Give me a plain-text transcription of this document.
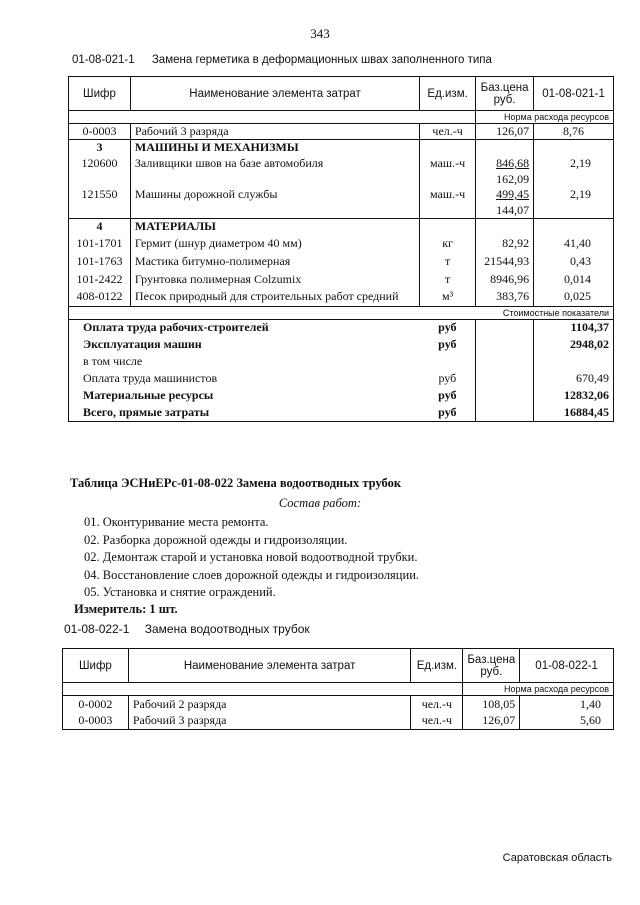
343
01-08-021-1 Замена герметика в деформационных швах заполненного типа
Шифр	Наименование элемента затрат	Ед.изм.	Баз.цена руб.	01-08-021-1
				Норма расхода ресурсов
0-0003	Рабочий 3 разряда	чел.-ч	126,07	8,76
3	МАШИНЫ И МЕХАНИЗМЫ			
120600	Заливщики швов на базе автомобиля	маш.-ч	846,68	2,19
			162,09	
121550	Машины дорожной службы	маш.-ч	499,45	2,19
			144,07	
4	МАТЕРИАЛЫ			
101-1701	Гермит (шнур диаметром 40 мм)	кг	82,92	41,40
101-1763	Мастика битумно-полимерная	т	21544,93	0,43
101-2422	Грунтовка полимерная Colzumix	т	8946,96	0,014
408-0122	Песок природный для строительных работ средний	м³	383,76	0,025
				Стоимостные показатели
Оплата труда рабочих-строителей		руб		1104,37
Эксплуатация машин		руб		2948,02
в том числе				
Оплата труда машинистов		руб		670,49
Материальные ресурсы		руб		12832,06
Всего, прямые затраты		руб		16884,45
Таблица ЭСНиЕРс-01-08-022 Замена водоотводных трубок
Состав работ:
01. Оконтуривание места ремонта.
02. Разборка дорожной одежды и гидроизоляции.
02. Демонтаж старой и установка новой водоотводной трубки.
04. Восстановление слоев дорожной одежды и гидроизоляции.
05. Установка и снятие ограждений.
Измеритель: 1 шт.
01-08-022-1 Замена водоотводных трубок
Шифр	Наименование элемента затрат	Ед.изм.	Баз.цена руб.	01-08-022-1
				Норма расхода ресурсов
0-0002	Рабочий 2 разряда	чел.-ч	108,05	1,40
0-0003	Рабочий 3 разряда	чел.-ч	126,07	5,60
Саратовская область
